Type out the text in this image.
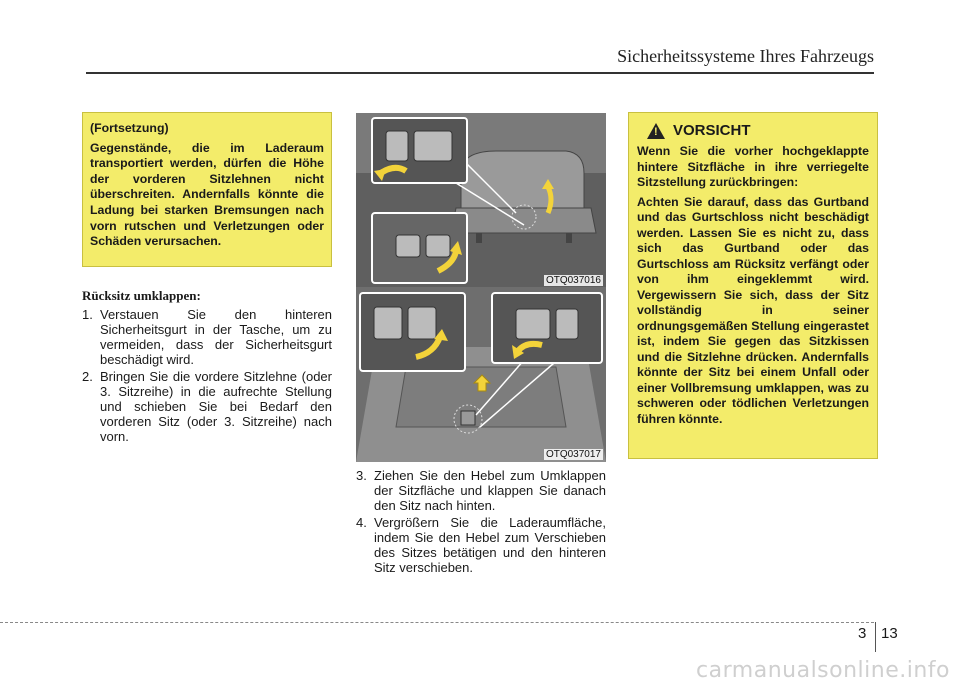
Sicherheitssysteme Ihres Fahrzeugs
(Fortsetzung)
Gegenstände, die im Laderaum transportiert werden, dürfen die Höhe der vorderen Sitzlehnen nicht überschreiten. Andernfalls könnte die Ladung bei starken Bremsungen nach vorn rutschen und Verletzungen oder Schäden verursachen.
Rücksitz umklappen:
1. Verstauen Sie den hinteren Sicherheitsgurt in der Tasche, um zu vermeiden, dass der Sicherheitsgurt beschädigt wird.
2. Bringen Sie die vordere Sitzlehne (oder 3. Sitzreihe) in die aufrechte Stellung und schieben Sie bei Bedarf den vorderen Sitz (oder 3. Sitzreihe) nach vorn.
OTQ037016
OTQ037017
3. Ziehen Sie den Hebel zum Umklappen der Sitzfläche und klappen Sie danach den Sitz nach hinten.
4. Vergrößern Sie die Laderaumfläche, indem Sie den Hebel zum Verschieben des Sitzes betätigen und den hinteren Sitz verschieben.
! VORSICHT

Wenn Sie die vorher hochgeklappte hintere Sitzfläche in ihre verriegelte Sitzstellung zurückbringen:

Achten Sie darauf, dass das Gurtband und das Gurtschloss nicht beschädigt werden. Lassen Sie es nicht zu, dass sich das Gurtband oder das Gurtschloss am Rücksitz verfängt oder von ihm eingeklemmt wird. Vergewissern Sie sich, dass der Sitz vollständig in seiner ordnungsgemäßen Stellung eingerastet ist, indem Sie gegen das Sitzkissen und die Sitzlehne drücken. Andernfalls könnte der Sitz bei einem Unfall oder einer Vollbremsung umklappen, was zu schweren oder tödlichen Verletzungen führen könnte.

3 13
carmanualsonline.info
